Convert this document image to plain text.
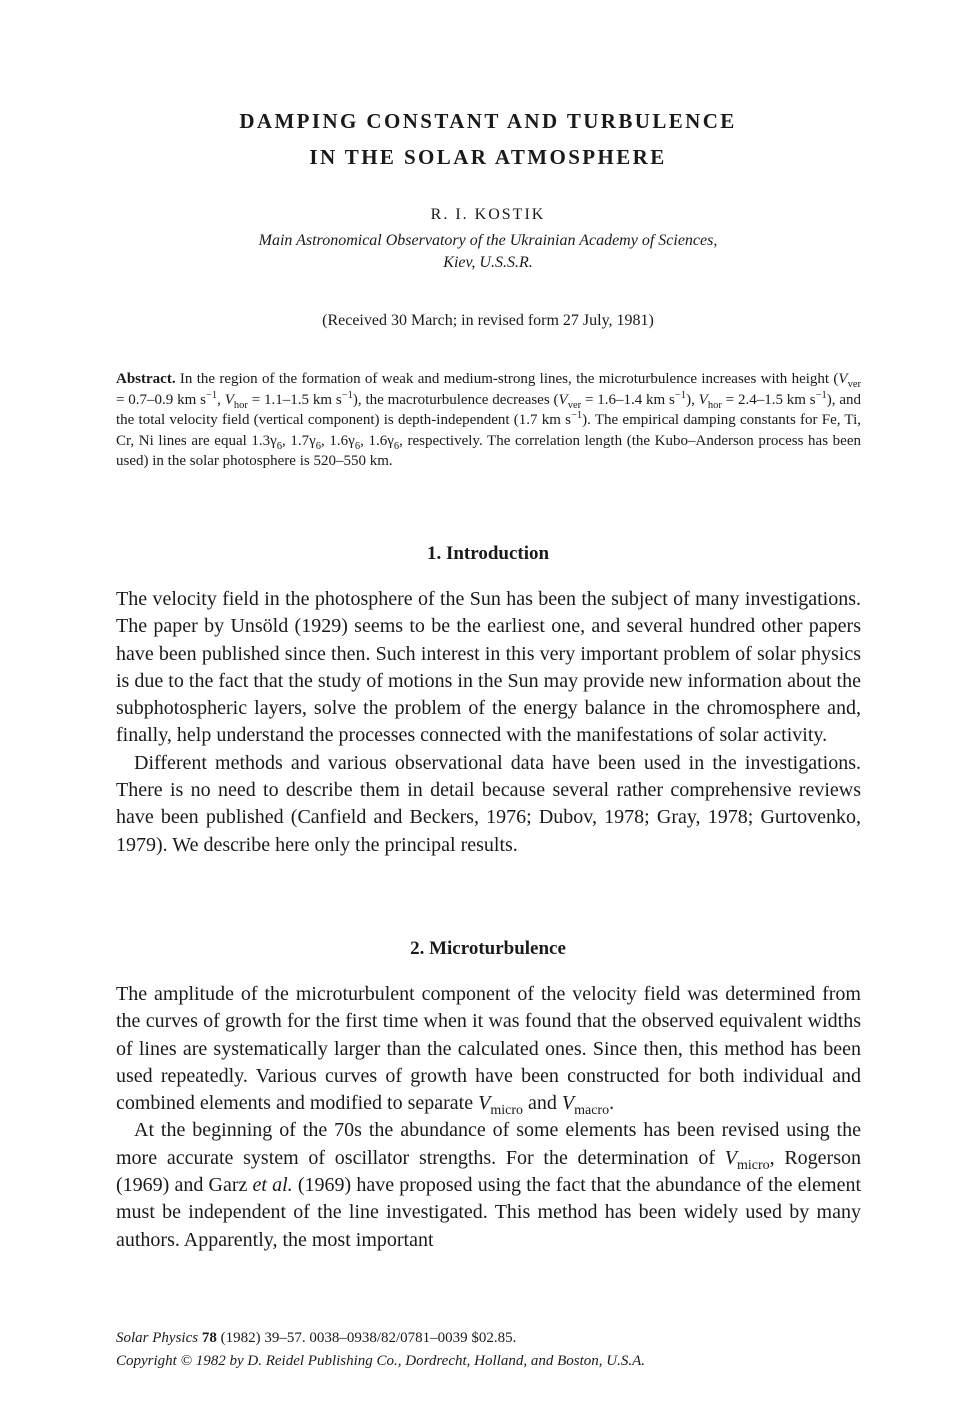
DAMPING CONSTANT AND TURBULENCE
IN THE SOLAR ATMOSPHERE
R. I. KOSTIK
Main Astronomical Observatory of the Ukrainian Academy of Sciences,
Kiev, U.S.S.R.
(Received 30 March; in revised form 27 July, 1981)
Abstract. In the region of the formation of weak and medium-strong lines, the microturbulence increases with height ($V_{ver} = 0.7-0.9$ km $s^{-1}$, $V_{hor} = 1.1-1.5$ km $s^{-1}$), the macroturbulence decreases ($V_{ver} = 1.6-1.4$ km $s^{-1}$), $V_{hor} = 2.4-1.5$ km $s^{-1}$), and the total velocity field (vertical component) is depth-independent (1.7 km $s^{-1}$). The empirical damping constants for Fe, Ti, Cr, Ni lines are equal $1.3\gamma_6$, $1.7\gamma_6$, $1.6\gamma_6$, $1.6\gamma_6$, respectively. The correlation length (the Kubo–Anderson process has been used) in the solar photosphere is 520–550 km.
1. Introduction

The velocity field in the photosphere of the Sun has been the subject of many investigations. The paper by Unsöld (1929) seems to be the earliest one, and several hundred other papers have been published since then. Such interest in this very important problem of solar physics is due to the fact that the study of motions in the Sun may provide new information about the subphotospheric layers, solve the problem of the energy balance in the chromosphere and, finally, help understand the processes connected with the manifestations of solar activity.

Different methods and various observational data have been used in the investigations. There is no need to describe them in detail because several rather comprehensive reviews have been published (Canfield and Beckers, 1976; Dubov, 1978; Gray, 1978; Gurtovenko, 1979). We describe here only the principal results.

2. Microturbulence

The amplitude of the microturbulent component of the velocity field was determined from the curves of growth for the first time when it was found that the observed equivalent widths of lines are systematically larger than the calculated ones. Since then, this method has been used repeatedly. Various curves of growth have been constructed for both individual and combined elements and modified to separate $V_{micro}$ and $V_{macro}$.

At the beginning of the 70s the abundance of some elements has been revised using the more accurate system of oscillator strengths. For the determination of $V_{micro}$, Rogerson (1969) and Garz et al. (1969) have proposed using the fact that the abundance of the element must be independent of the line investigated. This method has been widely used by many authors. Apparently, the most important

Solar Physics 78 (1982) 39–57. 0038–0938/82/0781–0039 $02.85.
Copyright © 1982 by D. Reidel Publishing Co., Dordrecht, Holland, and Boston, U.S.A.
